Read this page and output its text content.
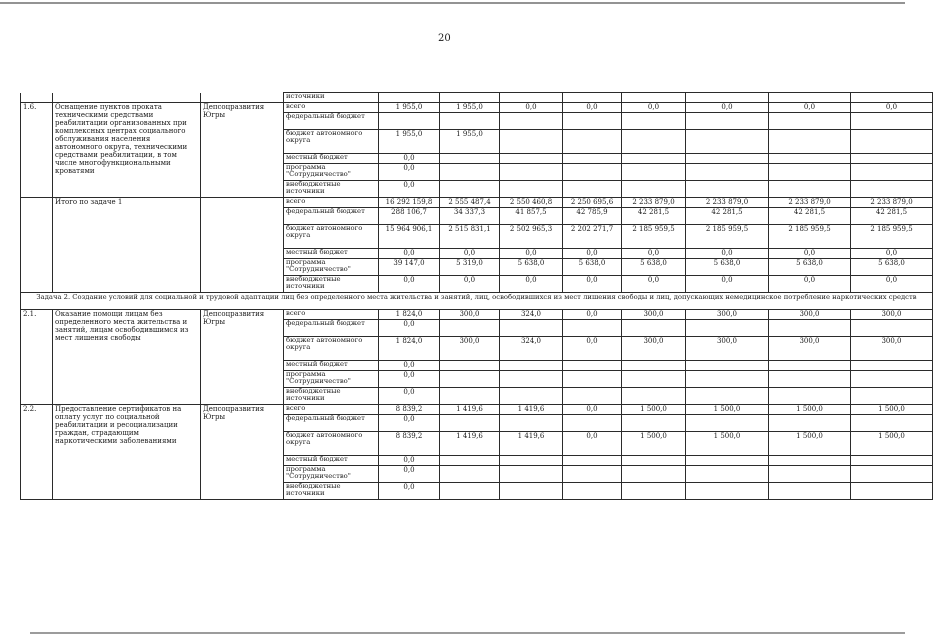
20
			источники								
1.6.	Оснащение пунктов проката техническими средствами реабилитации организованных при комплексных центрах социального обслуживания населения автономного округа, техническими средствами реабилитации, в том числе многофункциональными кроватями	Депсоцразвития Югры	всего	1 955,0	1 955,0	0,0	0,0	0,0	0,0	0,0	0,0
			федеральный бюджет								
			бюджет автономного округа	1 955,0	1 955,0						
			местный бюджет	0,0							
			программа "Сотрудничество"	0,0							
			внебюджетные источники	0,0							
	Итого по задаче 1		всего	16 292 159,8	2 555 487,4	2 550 460,8	2 250 695,6	2 233 879,0	2 233 879,0	2 233 879,0	2 233 879,0
			федеральный бюджет	288 106,7	34 337,3	41 857,5	42 785,9	42 281,5	42 281,5	42 281,5	42 281,5
			бюджет автономного округа	15 964 906,1	2 515 831,1	2 502 965,3	2 202 271,7	2 185 959,5	2 185 959,5	2 185 959,5	2 185 959,5
			местный бюджет	0,0	0,0	0,0	0,0	0,0	0,0	0,0	0,0
			программа "Сотрудничество"	39 147,0	5 319,0	5 638,0	5 638,0	5 638,0	5 638,0	5 638,0	5 638,0
			внебюджетные источники	0,0	0,0	0,0	0,0	0,0	0,0	0,0	0,0
Задача 2. Создание условий для социальной и трудовой адаптации лиц без определенного места жительства и занятий, лиц, освободившихся из мест лишения свободы и лиц, допускающих немедицинское потребление наркотических средств											
2.1.	Оказание помощи лицам без определенного места жительства и занятий, лицам освободившимся из мест лишения свободы	Депсоцразвития Югры	всего	1 824,0	300,0	324,0	0,0	300,0	300,0	300,0	300,0
			федеральный бюджет	0,0							
			бюджет автономного округа	1 824,0	300,0	324,0	0,0	300,0	300,0	300,0	300,0
			местный бюджет	0,0							
			программа "Сотрудничество"	0,0							
			внебюджетные источники	0,0							
2.2.	Предоставление сертификатов на оплату услуг по социальной реабилитации и ресоциализации граждан, страдающим наркотическими заболеваниями	Депсоцразвития Югры	всего	8 839,2	1 419,6	1 419,6	0,0	1 500,0	1 500,0	1 500,0	1 500,0
			федеральный бюджет	0,0							
			бюджет автономного округа	8 839,2	1 419,6	1 419,6	0,0	1 500,0	1 500,0	1 500,0	1 500,0
			местный бюджет	0,0							
			программа "Сотрудничество"	0,0							
			внебюджетные источники	0,0							
